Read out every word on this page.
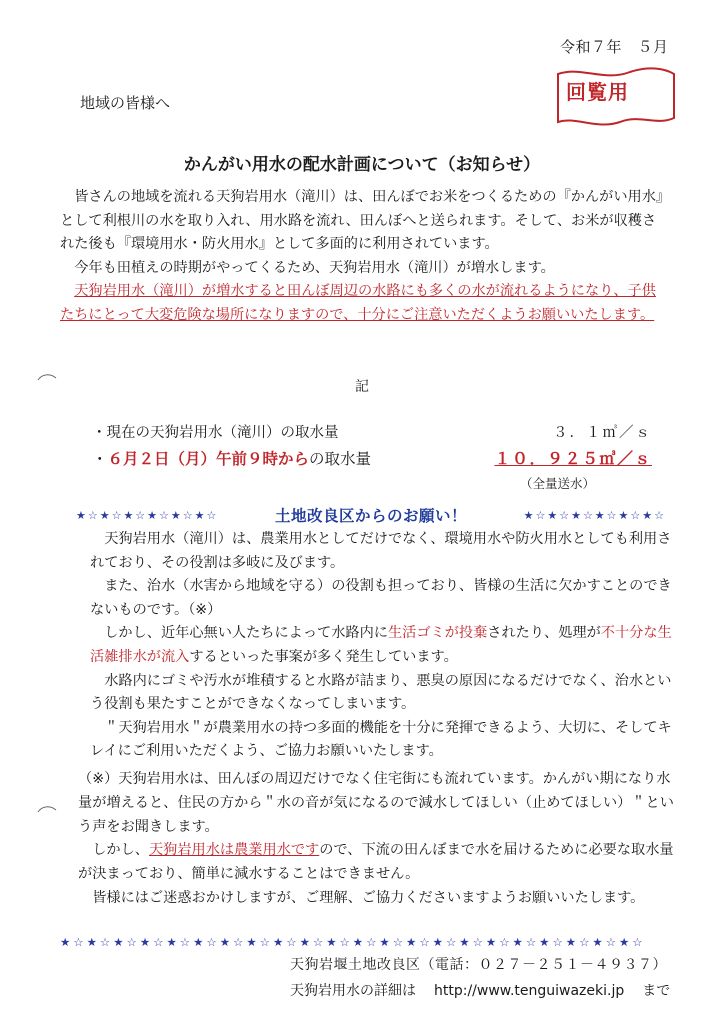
令和７年　５月
地域の皆様へ	回覧用
かんがい用水の配水計画について（お知らせ）

 皆さんの地域を流れる天狗岩用水（滝川）は、田んぼでお米をつくるための『かんがい用水』として利根川の水を取り入れ、用水路を流れ、田んぼへと送られます。そして、お米が収穫された後も『環境用水・防火用水』として多面的に利用されています。

 今年も田植えの時期がやってくるため、天狗岩用水（滝川）が増水します。

 天狗岩用水（滝川）が増水すると田んぼ周辺の水路にも多くの水が流れるようになり、子供たちにとって大変危険な場所になりますので、十分にご注意いただくようお願いいたします。

記
・現在の天狗岩用水（滝川）の取水量	３．１㎥／ｓ
・６月２日（月）午前９時からの取水量	１０．９２５㎥／ｓ
（全量送水）
★☆★☆★☆★☆★☆★☆	土地改良区からのお願い！	★☆★☆★☆★☆★☆★☆

 天狗岩用水（滝川）は、農業用水としてだけでなく、環境用水や防火用水としても利用されており、その役割は多岐に及びます。

 また、治水（水害から地域を守る）の役割も担っており、皆様の生活に欠かすことのできないものです。（※）

 しかし、近年心無い人たちによって水路内に生活ゴミが投棄されたり、処理が不十分な生活雑排水が流入するといった事案が多く発生しています。

 水路内にゴミや汚水が堆積すると水路が詰まり、悪臭の原因になるだけでなく、治水という役割も果たすことができなくなってしまいます。

 ＂天狗岩用水＂が農業用水の持つ多面的機能を十分に発揮できるよう、大切に、そしてキレイにご利用いただくよう、ご協力お願いいたします。

（※）天狗岩用水は、田んぼの周辺だけでなく住宅街にも流れています。かんがい期になり水量が増えると、住民の方から＂水の音が気になるので減水してほしい（止めてほしい）＂という声をお聞きします。

 しかし、天狗岩用水は農業用水ですので、下流の田んぼまで水を届けるために必要な取水量が決まっており、簡単に減水することはできません。

 皆様にはご迷惑おかけしますが、ご理解、ご協力くださいますようお願いいたします。

★☆★☆★☆★☆★☆★☆★☆★☆★☆★☆★☆★☆★☆★☆★☆★☆★☆★☆★☆★☆★☆★☆
天狗岩堰土地改良区（電話：０２７－２５１－４９３７）
天狗岩用水の詳細は http://www.tenguiwazeki.jp まで
